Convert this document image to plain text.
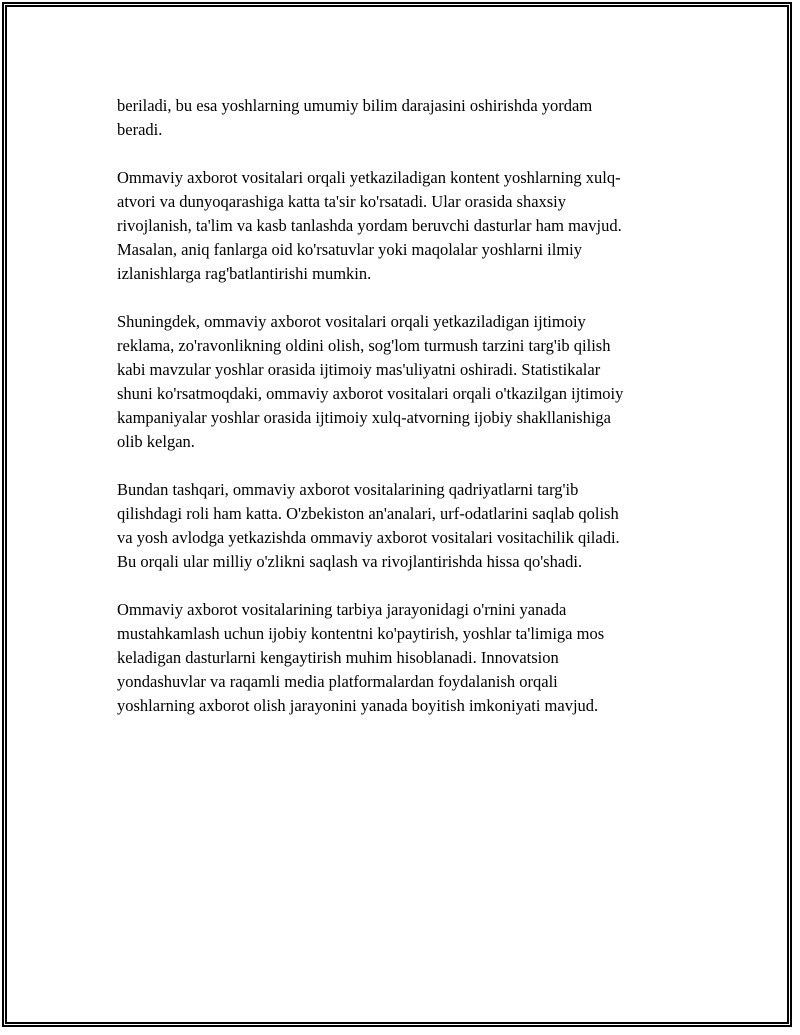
beriladi, bu esa yoshlarning umumiy bilim darajasini oshirishda yordam
beradi.

Ommaviy axborot vositalari orqali yetkaziladigan kontent yoshlarning xulq-
atvori va dunyoqarashiga katta ta'sir ko'rsatadi. Ular orasida shaxsiy
rivojlanish, ta'lim va kasb tanlashda yordam beruvchi dasturlar ham mavjud.
Masalan, aniq fanlarga oid ko'rsatuvlar yoki maqolalar yoshlarni ilmiy
izlanishlarga rag'batlantirishi mumkin.

Shuningdek, ommaviy axborot vositalari orqali yetkaziladigan ijtimoiy
reklama, zo'ravonlikning oldini olish, sog'lom turmush tarzini targ'ib qilish
kabi mavzular yoshlar orasida ijtimoiy mas'uliyatni oshiradi. Statistikalar
shuni ko'rsatmoqdaki, ommaviy axborot vositalari orqali o'tkazilgan ijtimoiy
kampaniyalar yoshlar orasida ijtimoiy xulq-atvorning ijobiy shakllanishiga
olib kelgan.

Bundan tashqari, ommaviy axborot vositalarining qadriyatlarni targ'ib
qilishdagi roli ham katta. O'zbekiston an'analari, urf-odatlarini saqlab qolish
va yosh avlodga yetkazishda ommaviy axborot vositalari vositachilik qiladi.
Bu orqali ular milliy o'zlikni saqlash va rivojlantirishda hissa qo'shadi.

Ommaviy axborot vositalarining tarbiya jarayonidagi o'rnini yanada
mustahkamlash uchun ijobiy kontentni ko'paytirish, yoshlar ta'limiga mos
keladigan dasturlarni kengaytirish muhim hisoblanadi. Innovatsion
yondashuvlar va raqamli media platformalardan foydalanish orqali
yoshlarning axborot olish jarayonini yanada boyitish imkoniyati mavjud.
